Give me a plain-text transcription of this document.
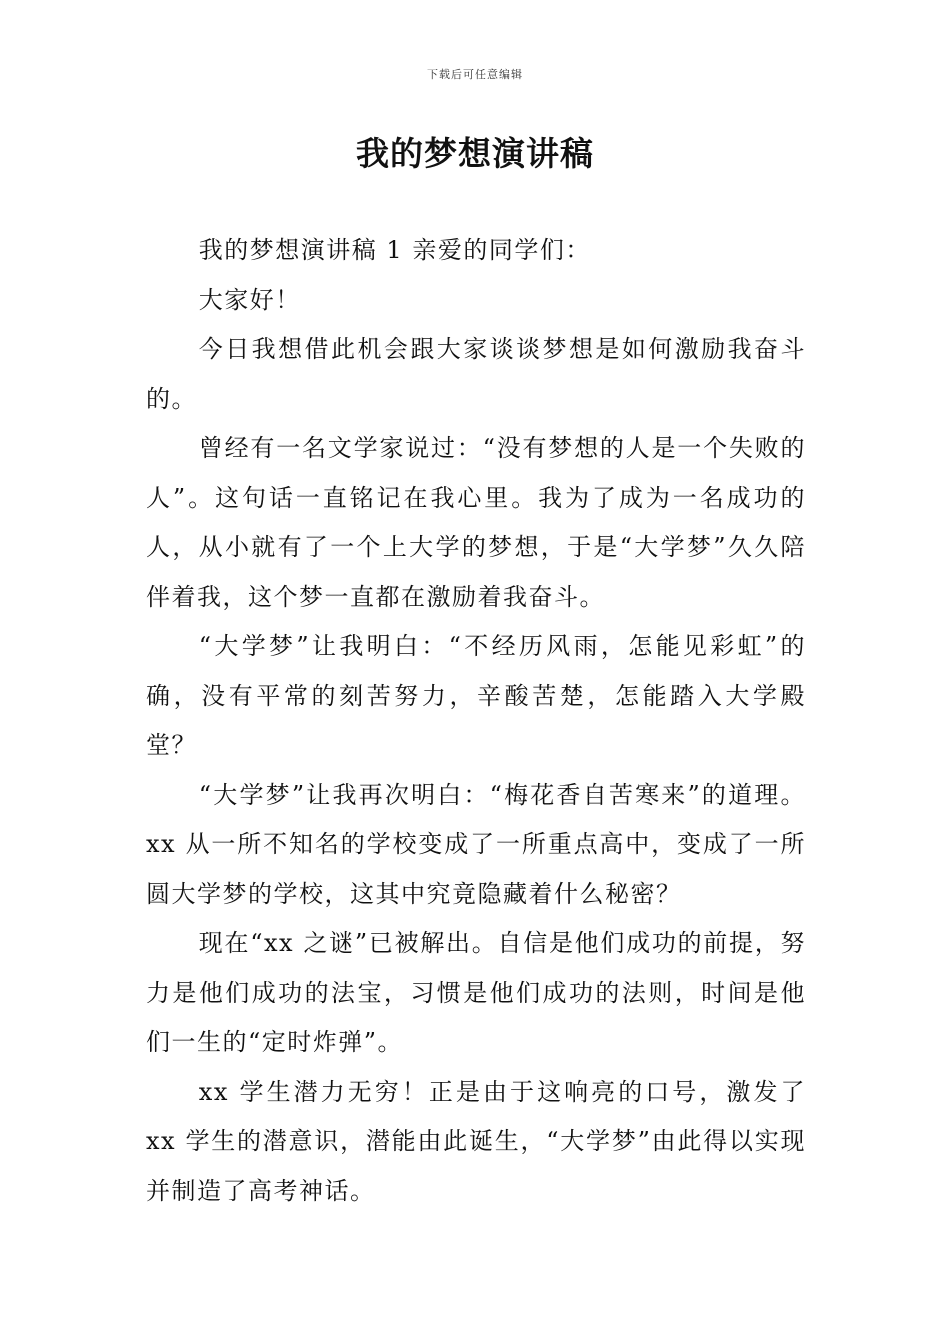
下载后可任意编辑
我的梦想演讲稿

我的梦想演讲稿 1 亲爱的同学们：

大家好！

今日我想借此机会跟大家谈谈梦想是如何激励我奋斗的。

曾经有一名文学家说过：“没有梦想的人是一个失败的人”。这句话一直铭记在我心里。我为了成为一名成功的人，从小就有了一个上大学的梦想，于是“大学梦”久久陪伴着我，这个梦一直都在激励着我奋斗。

“大学梦”让我明白：“不经历风雨，怎能见彩虹”的确，没有平常的刻苦努力，辛酸苦楚，怎能踏入大学殿堂？

“大学梦”让我再次明白：“梅花香自苦寒来”的道理。xx 从一所不知名的学校变成了一所重点高中，变成了一所圆大学梦的学校，这其中究竟隐藏着什么秘密？

现在“xx 之谜”已被解出。自信是他们成功的前提，努力是他们成功的法宝，习惯是他们成功的法则，时间是他们一生的“定时炸弹”。

xx 学生潜力无穷！正是由于这响亮的口号，激发了 xx 学生的潜意识，潜能由此诞生，“大学梦”由此得以实现并制造了高考神话。
